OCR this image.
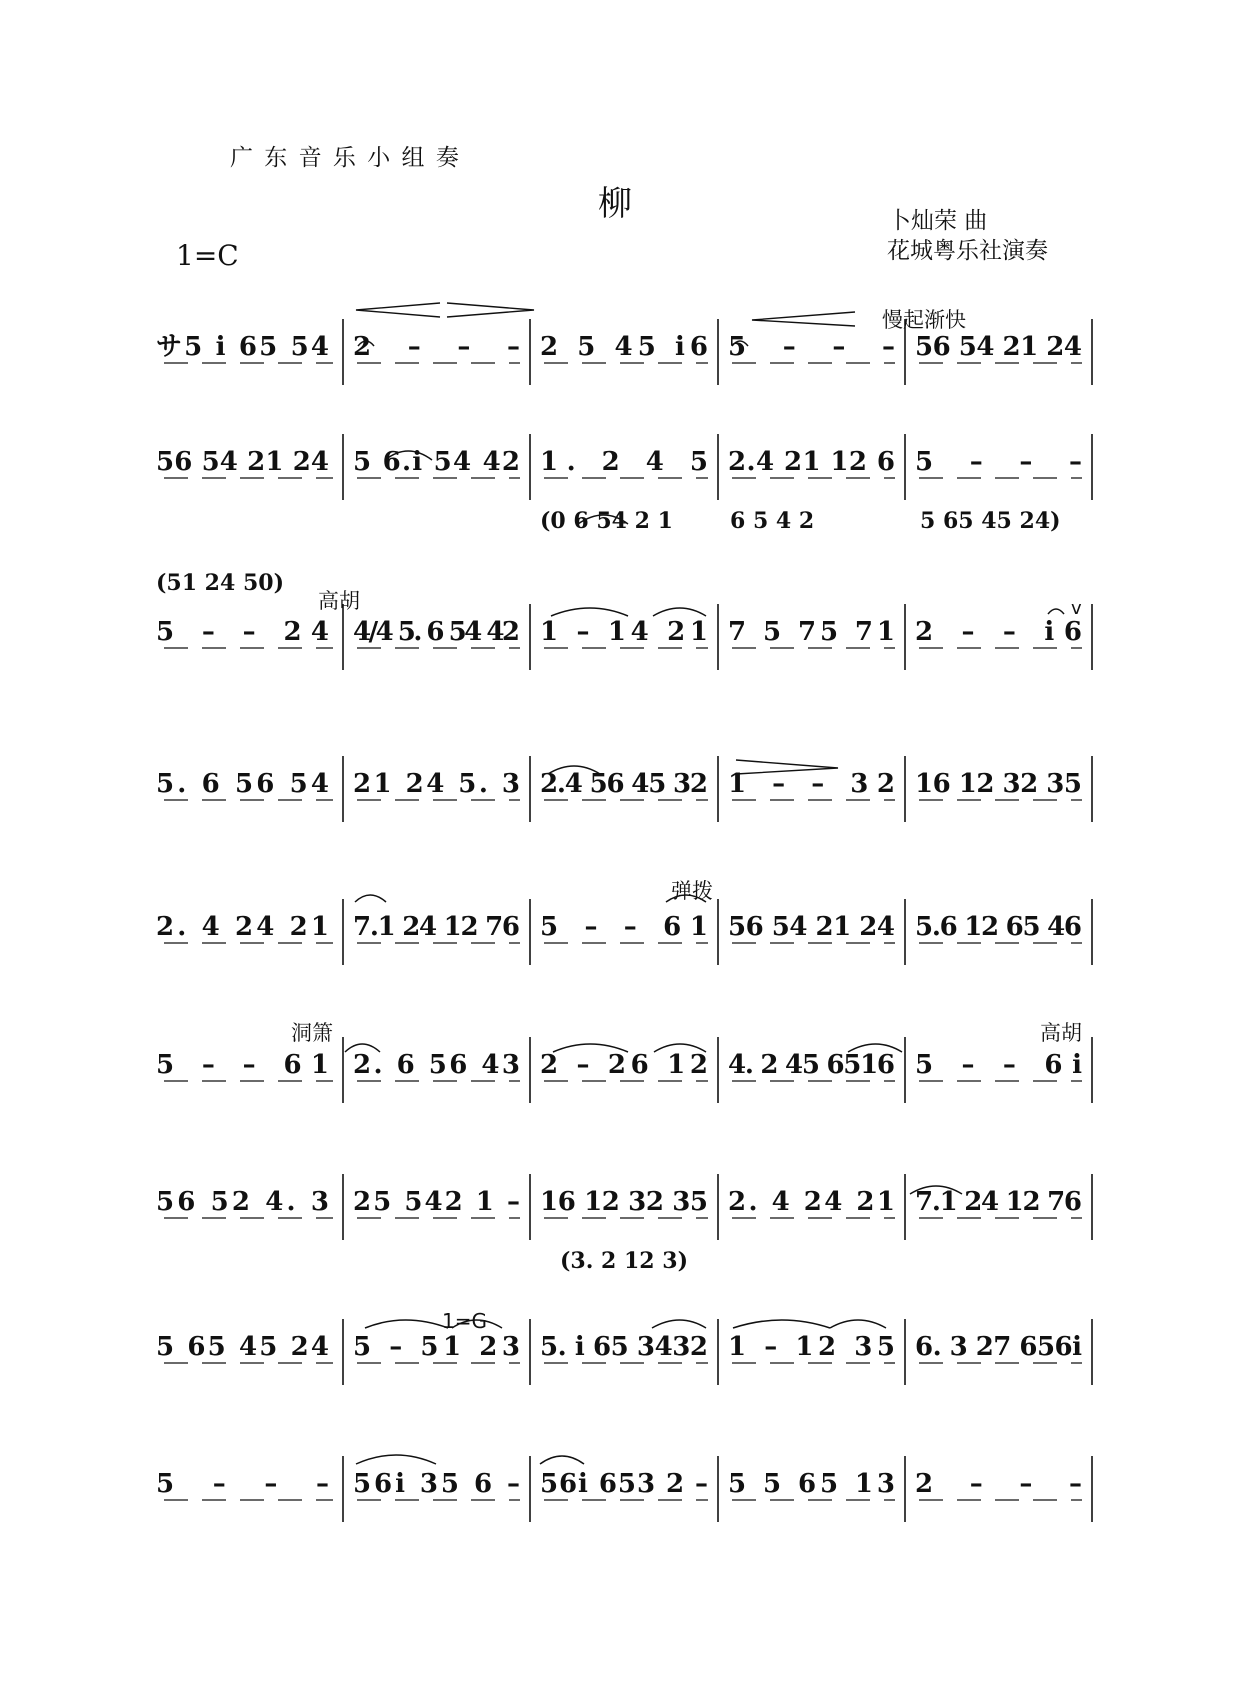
广 东 音 乐 小 组 奏
柳	卜灿荣 曲
花城粤乐社演奏
1=C
慢起渐快
高胡
弹拨
洞箫	高胡
1=G
v
サ5 i 65 54 2 – – – 2 5 45 i6 5 – – – 56 54 21 24
56 54 21 24 5 6.i 54 42 1. 2 4 5 2.4 21 12 6 5 – – –
(0 6 54 2 1	6 5 4 2	5 65 45 24)
5 – – 24 4/4 5. 6 54 42 1 – 14 21 7 5 75 71 2 – – i6
(51 24 50)
5. 6 56 54 21 24 5. 3 2.4 56 45 32 1 – – 32 16 12 32 35
2. 4 24 21 7.1 24 12 76 5 – – 61 56 54 21 24 5.6 12 65 46
5 – – 61 2. 6 56 43 2 – 26 12 4. 2 45 6516 5 – – 6i
56 52 4. 3 25 542 1 – 16 12 32 35 2. 4 24 21 7.1 24 12 76
(3. 2 12 3)
5 65 45 24 5 – 51 23 5. i 65 3432 1 – 12 35 6. 3 27 656i
5 – – – 56i 35 6 – 56i 653 2 – 5 5 65 13 2 – – –
